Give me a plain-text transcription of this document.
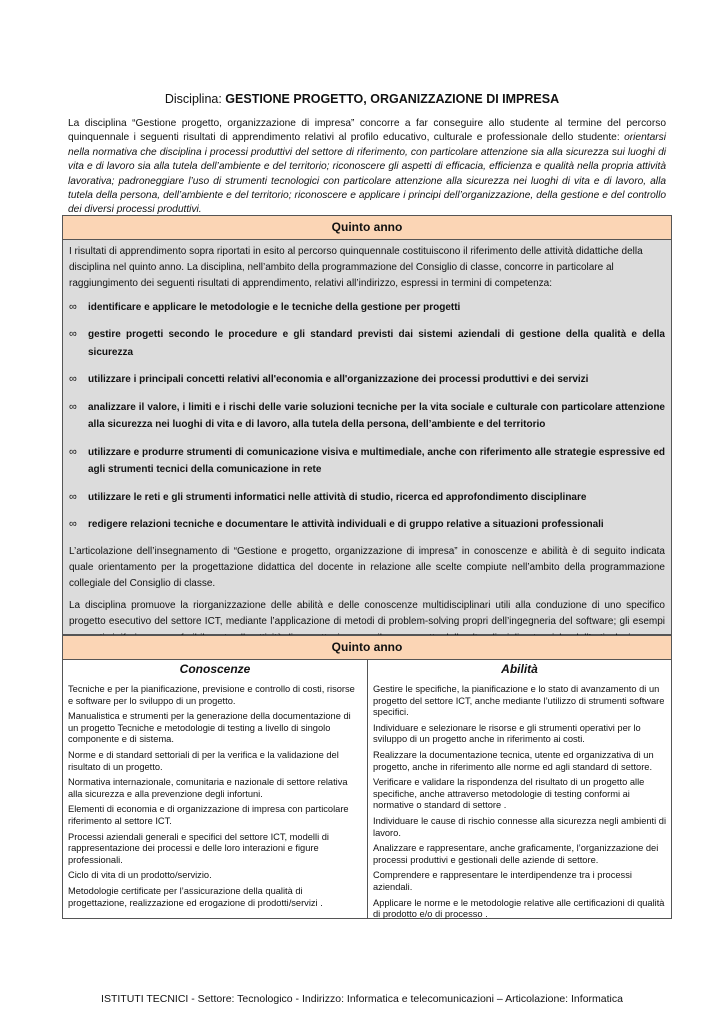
Disciplina: GESTIONE PROGETTO, ORGANIZZAZIONE DI IMPRESA
La disciplina “Gestione progetto, organizzazione di impresa” concorre a far conseguire allo studente al termine del percorso quinquennale i seguenti risultati di apprendimento relativi al profilo educativo, culturale e professionale dello studente: orientarsi nella normativa che disciplina i processi produttivi del settore di riferimento, con particolare attenzione sia alla sicurezza sui luoghi di vita e di lavoro sia alla tutela dell’ambiente e del territorio; riconoscere gli aspetti di efficacia, efficienza e qualità nella propria attività lavorativa; padroneggiare l’uso di strumenti tecnologici con particolare attenzione alla sicurezza nei luoghi di vita e di lavoro, alla tutela della persona, dell’ambiente e del territorio; riconoscere e applicare i principi dell’organizzazione, della gestione e del controllo dei diversi processi produttivi.
Quinto anno
I risultati di apprendimento sopra riportati in esito al percorso quinquennale costituiscono il riferimento delle attività didattiche della disciplina nel quinto anno. La disciplina, nell’ambito della programmazione del Consiglio di classe, concorre in particolare al raggiungimento dei seguenti risultati di apprendimento, relativi all’indirizzo, espressi in termini di competenza:
∞ identificare e applicare le metodologie e le tecniche della gestione per progetti
∞ gestire progetti secondo le procedure e gli standard previsti dai sistemi aziendali di gestione della qualità e della sicurezza
∞ utilizzare i principali concetti relativi all'economia e all'organizzazione dei processi produttivi e dei servizi
∞ analizzare il valore, i limiti e i rischi delle varie soluzioni tecniche per la vita sociale e culturale con particolare attenzione alla sicurezza nei luoghi di vita e di lavoro, alla tutela della persona, dell’ambiente e del territorio
∞ utilizzare e produrre strumenti di comunicazione visiva e multimediale, anche con riferimento alle strategie espressive ed agli strumenti tecnici della comunicazione in rete
∞ utilizzare le reti e gli strumenti informatici nelle attività di studio, ricerca ed approfondimento disciplinare
∞ redigere relazioni tecniche e documentare le attività individuali e di gruppo relative a situazioni professionali
L’articolazione dell’insegnamento di “Gestione e progetto, organizzazione di impresa” in conoscenze e abilità è di seguito indicata quale orientamento per la progettazione didattica del docente in relazione alle scelte compiute nell’ambito della programmazione collegiale del Consiglio di classe.
La disciplina promuove la riorganizzazione delle abilità e delle conoscenze multidisciplinari utili alla conduzione di uno specifico progetto esecutivo del settore ICT, mediante l’applicazione di metodi di problem-solving propri dell’ingegneria del software; gli esempi
Quinto anno
Conoscenze
Tecniche e per la pianificazione, previsione e controllo di costi, risorse e software per lo sviluppo di un progetto.
Manualistica e strumenti per la generazione della documentazione di un progetto Tecniche e metodologie di testing a livello di singolo componente e di sistema.
Norme e di standard settoriali di per la verifica e la validazione del risultato di un progetto.
Normativa internazionale, comunitaria e nazionale di settore relativa alla sicurezza e alla prevenzione degli infortuni.
Elementi di economia e di organizzazione di impresa con particolare riferimento al settore ICT.
Processi aziendali generali e specifici del settore ICT, modelli di rappresentazione dei processi e delle loro interazioni e figure professionali.
Ciclo di vita di un prodotto/servizio.
Metodologie certificate per l’assicurazione della qualità di progettazione, realizzazione ed erogazione di prodotti/servizi .
Abilità
Gestire le specifiche, la pianificazione e lo stato di avanzamento di un progetto del settore ICT, anche mediante l’utilizzo di strumenti software specifici.
Individuare e selezionare le risorse e gli strumenti operativi per lo sviluppo di un progetto anche in riferimento ai costi.
Realizzare la documentazione tecnica, utente ed organizzativa di un progetto, anche in riferimento alle norme ed agli standard di settore.
Verificare e validare la rispondenza del risultato di un progetto alle specifiche, anche attraverso metodologie di testing conformi ai normative o standard di settore .
Individuare le cause di rischio connesse alla sicurezza negli ambienti di lavoro.
Analizzare e rappresentare, anche graficamente, l’organizzazione dei processi produttivi e gestionali delle aziende di settore.
Comprendere e rappresentare le interdipendenze tra i processi aziendali.
Applicare le norme e le metodologie relative alle certificazioni di qualità di prodotto e/o di processo .
ISTITUTI TECNICI - Settore: Tecnologico - Indirizzo: Informatica e telecomunicazioni – Articolazione: Informatica
